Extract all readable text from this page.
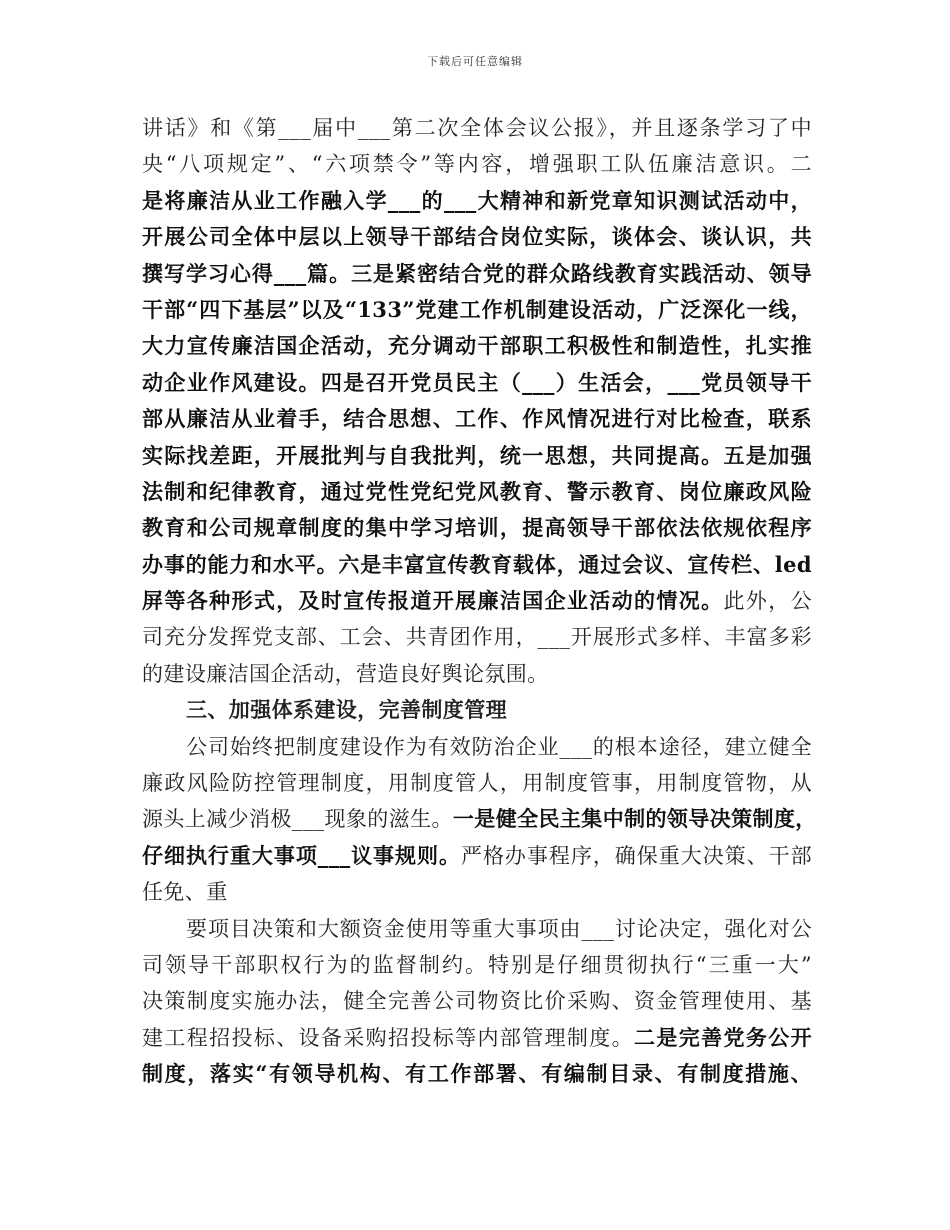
下载后可任意编辑
讲话》和《第___届中___第二次全体会议公报》，并且逐条学习了中
央“八项规定”、“六项禁令”等内容，增强职工队伍廉洁意识。二
是将廉洁从业工作融入学___的___大精神和新党章知识测试活动中，
开展公司全体中层以上领导干部结合岗位实际，谈体会、谈认识，共
撰写学习心得___篇。三是紧密结合党的群众路线教育实践活动、领导
干部“四下基层”以及“133”党建工作机制建设活动，广泛深化一线，
大力宣传廉洁国企活动，充分调动干部职工积极性和制造性，扎实推
动企业作风建设。四是召开党员民主（___）生活会，___党员领导干
部从廉洁从业着手，结合思想、工作、作风情况进行对比检查，联系
实际找差距，开展批判与自我批判，统一思想，共同提高。五是加强
法制和纪律教育，通过党性党纪党风教育、警示教育、岗位廉政风险
教育和公司规章制度的集中学习培训，提高领导干部依法依规依程序
办事的能力和水平。六是丰富宣传教育载体，通过会议、宣传栏、led
屏等各种形式，及时宣传报道开展廉洁国企业活动的情况。此外，公
司充分发挥党支部、工会、共青团作用，___开展形式多样、丰富多彩
的建设廉洁国企活动，营造良好舆论氛围。
三、加强体系建设，完善制度管理
公司始终把制度建设作为有效防治企业___的根本途径，建立健全
廉政风险防控管理制度，用制度管人，用制度管事，用制度管物，从
源头上减少消极___现象的滋生。一是健全民主集中制的领导决策制度，
仔细执行重大事项___议事规则。严格办事程序，确保重大决策、干部
任免、重
要项目决策和大额资金使用等重大事项由___讨论决定，强化对公
司领导干部职权行为的监督制约。特别是仔细贯彻执行“三重一大”
决策制度实施办法，健全完善公司物资比价采购、资金管理使用、基
建工程招投标、设备采购招投标等内部管理制度。二是完善党务公开
制度，落实“有领导机构、有工作部署、有编制目录、有制度措施、
